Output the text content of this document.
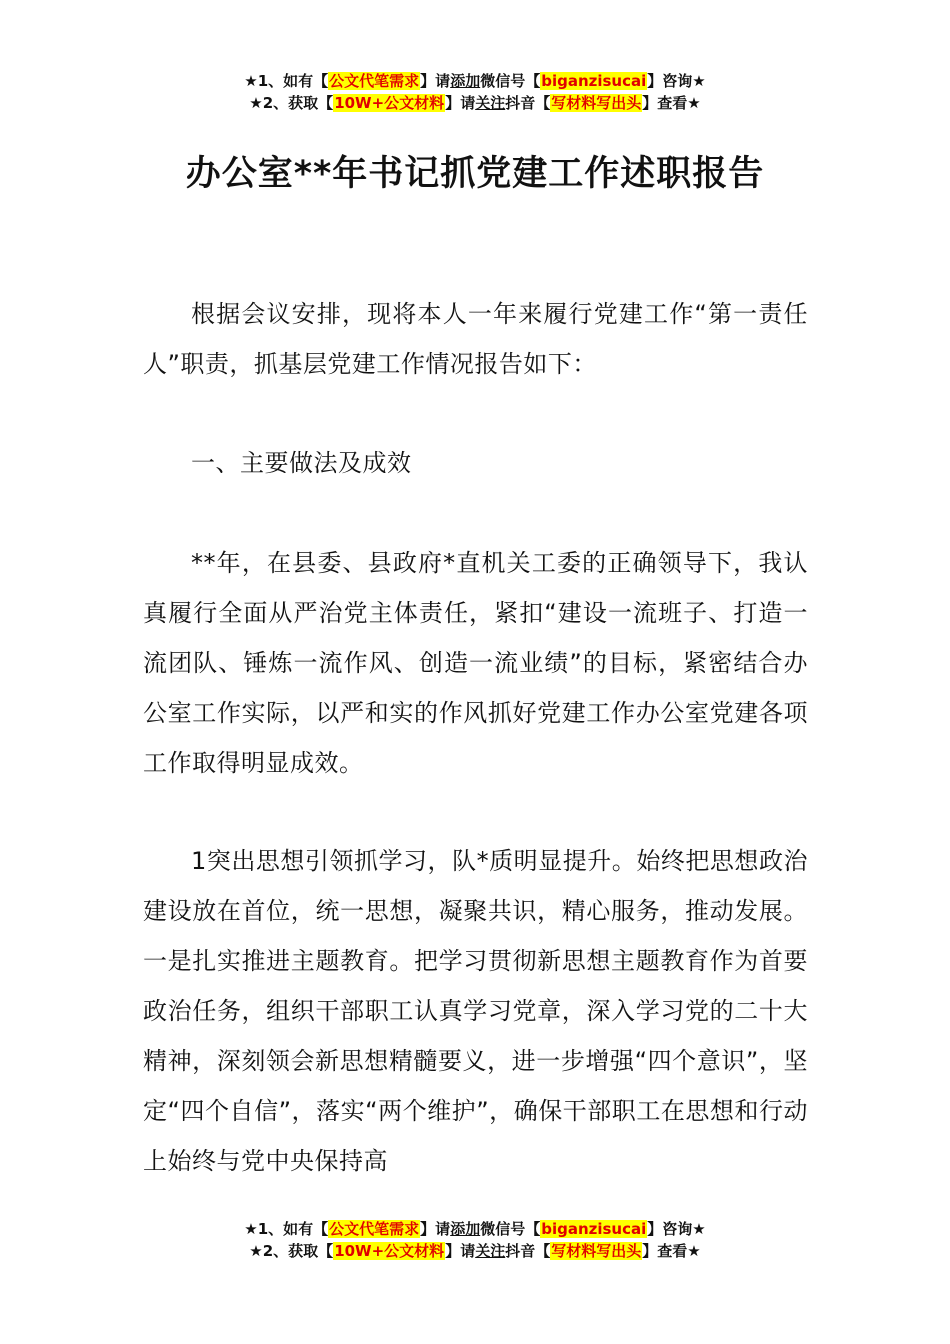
★1、如有【公文代笔需求】请添加微信号【biganzisucai】咨询★
★2、获取【10W+公文材料】请关注抖音【写材料写出头】查看★
办公室**年书记抓党建工作述职报告

根据会议安排，现将本人一年来履行党建工作“第一责任人”职责，抓基层党建工作情况报告如下：

一、主要做法及成效

**年，在县委、县政府*直机关工委的正确领导下，我认真履行全面从严治党主体责任，紧扣“建设一流班子、打造一流团队、锤炼一流作风、创造一流业绩”的目标，紧密结合办公室工作实际，以严和实的作风抓好党建工作办公室党建各项工作取得明显成效。

1突出思想引领抓学习，队*质明显提升。始终把思想政治建设放在首位，统一思想，凝聚共识，精心服务，推动发展。一是扎实推进主题教育。把学习贯彻新思想主题教育作为首要政治任务，组织干部职工认真学习党章，深入学习党的二十大精神，深刻领会新思想精髓要义，进一步增强“四个意识”，坚定“四个自信”，落实“两个维护”，确保干部职工在思想和行动上始终与党中央保持高

★1、如有【公文代笔需求】请添加微信号【biganzisucai】咨询★
★2、获取【10W+公文材料】请关注抖音【写材料写出头】查看★
